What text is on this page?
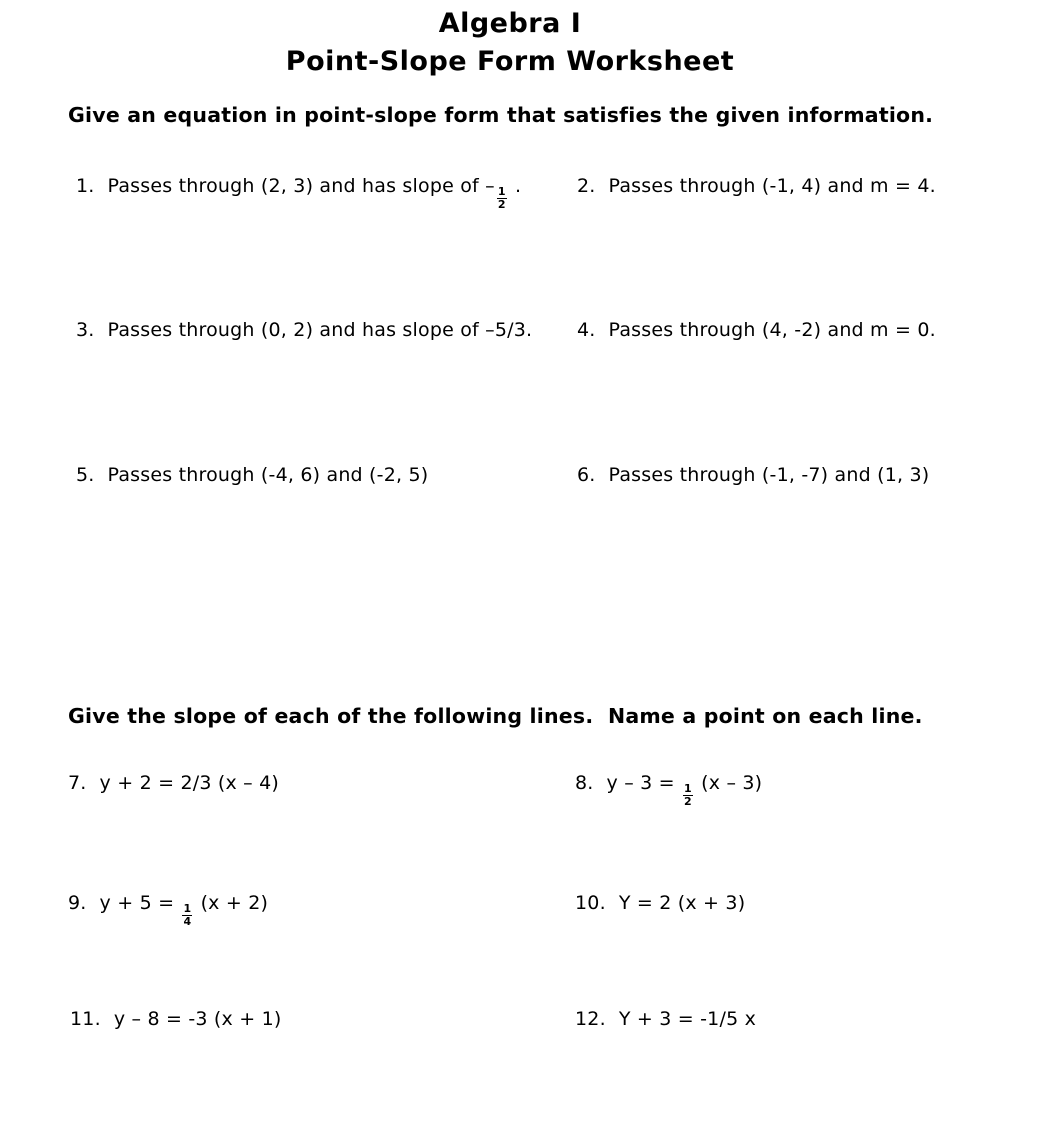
Algebra I
Point-Slope Form Worksheet

Give an equation in point-slope form that satisfies the given information.

1. Passes through (2, 3) and has slope of – $\frac{1}{2}$ .	2. Passes through (-1, 4) and m = 4.
3. Passes through (0, 2) and has slope of –5/3. 4. Passes through (4, -2) and m = 0.
5. Passes through (-4, 6) and (-2, 5)	6. Passes through (-1, -7) and (1, 3)

Give the slope of each of the following lines.  Name a point on each line.

7. y + 2 = 2/3 (x – 4)	8. $y - 3 = \frac{1}{2} (x - 3)$
9. $y + 5 = \frac{1}{4} (x + 2)$	10. Y = 2 (x + 3)
11. y – 8 = -3 (x + 1)	12. Y + 3 = -1/5 x
